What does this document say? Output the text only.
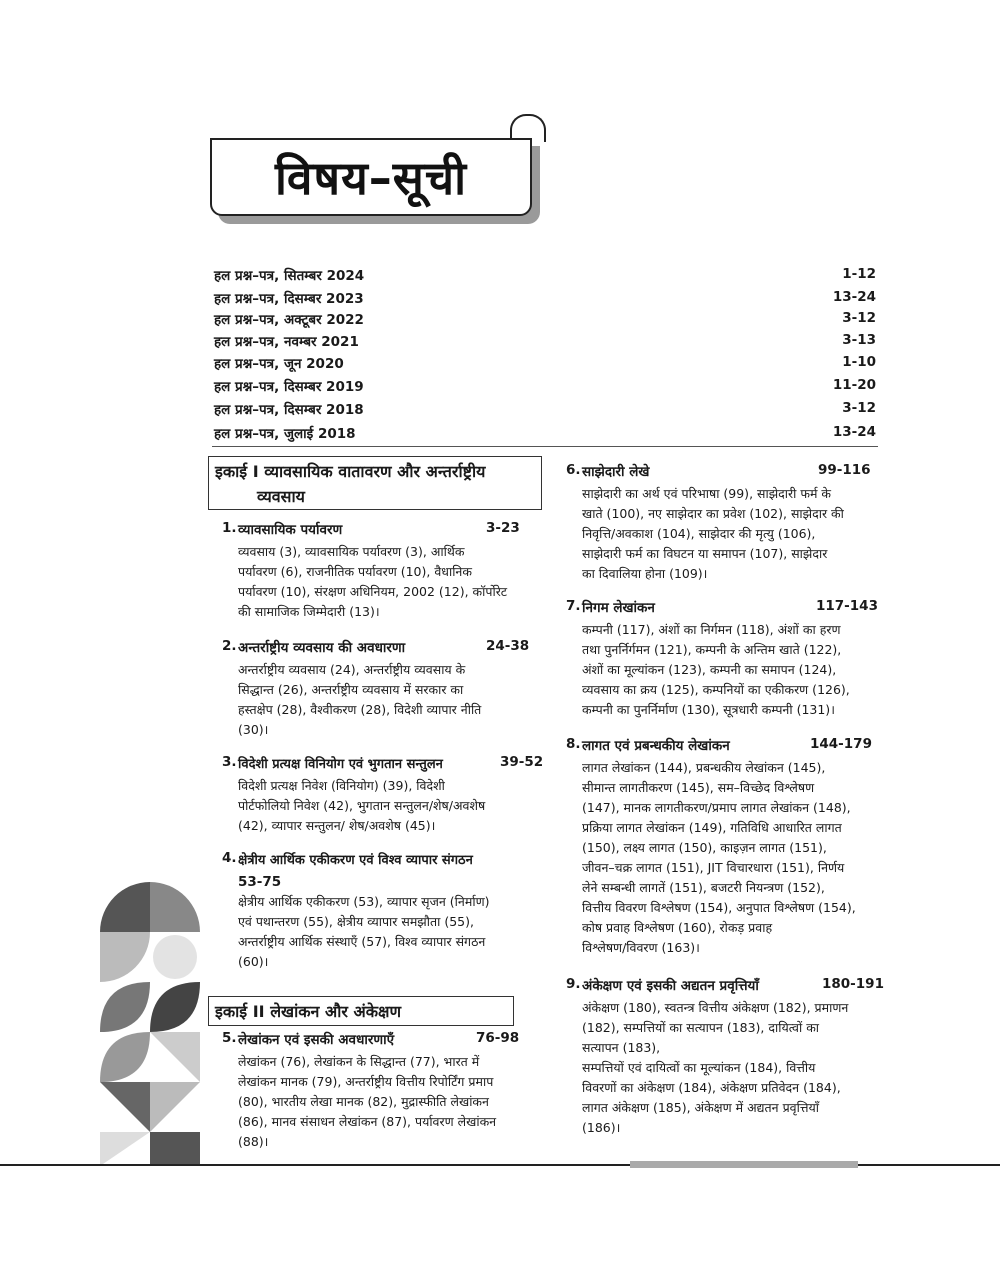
विषय–सूची
हल प्रश्न–पत्र, सितम्बर 2024	1-12
हल प्रश्न–पत्र, दिसम्बर 2023	13-24
हल प्रश्न–पत्र, अक्टूबर 2022	3-12
हल प्रश्न–पत्र, नवम्बर 2021	3-13
हल प्रश्न–पत्र, जून 2020	1-10
हल प्रश्न–पत्र, दिसम्बर 2019	11-20
हल प्रश्न–पत्र, दिसम्बर 2018	3-12
हल प्रश्न–पत्र, जुलाई 2018	13-24
इकाई I व्यावसायिक वातावरण और अन्तर्राष्ट्रीय
व्यवसाय
1. व्यावसायिक पर्यावरण	3-23
व्यवसाय (3), व्यावसायिक पर्यावरण (3), आर्थिक
पर्यावरण (6), राजनीतिक पर्यावरण (10), वैधानिक
पर्यावरण (10), संरक्षण अधिनियम, 2002 (12), कॉर्पोरेट
की सामाजिक जिम्मेदारी (13)।
2. अन्तर्राष्ट्रीय व्यवसाय की अवधारणा	24-38
अन्तर्राष्ट्रीय व्यवसाय (24), अन्तर्राष्ट्रीय व्यवसाय के
सिद्धान्त (26), अन्तर्राष्ट्रीय व्यवसाय में सरकार का
हस्तक्षेप (28), वैश्वीकरण (28), विदेशी व्यापार नीति
(30)।
3. विदेशी प्रत्यक्ष विनियोग एवं भुगतान सन्तुलन	39-52
विदेशी प्रत्यक्ष निवेश (विनियोग) (39), विदेशी
पोर्टफोलियो निवेश (42), भुगतान सन्तुलन/शेष/अवशेष
(42), व्यापार सन्तुलन/ शेष/अवशेष (45)।
4. क्षेत्रीय आर्थिक एकीकरण एवं विश्व व्यापार संगठन
53-75
क्षेत्रीय आर्थिक एकीकरण (53), व्यापार सृजन (निर्माण)
एवं पथान्तरण (55), क्षेत्रीय व्यापार समझौता (55),
अन्तर्राष्ट्रीय आर्थिक संस्थाएँ (57), विश्व व्यापार संगठन
(60)।
इकाई II लेखांकन और अंकेक्षण
5. लेखांकन एवं इसकी अवधारणाएँ	76-98
लेखांकन (76), लेखांकन के सिद्धान्त (77), भारत में
लेखांकन मानक (79), अन्तर्राष्ट्रीय वित्तीय रिपोर्टिंग प्रमाप
(80), भारतीय लेखा मानक (82), मुद्रास्फीति लेखांकन
(86), मानव संसाधन लेखांकन (87), पर्यावरण लेखांकन
(88)।
6. साझेदारी लेखे	99-116
साझेदारी का अर्थ एवं परिभाषा (99), साझेदारी फर्म के
खाते (100), नए साझेदार का प्रवेश (102), साझेदार की
निवृत्ति/अवकाश (104), साझेदार की मृत्यु (106),
साझेदारी फर्म का विघटन या समापन (107), साझेदार
का दिवालिया होना (109)।
7. निगम लेखांकन	117-143
कम्पनी (117), अंशों का निर्गमन (118), अंशों का हरण
तथा पुनर्निर्गमन (121), कम्पनी के अन्तिम खाते (122),
अंशों का मूल्यांकन (123), कम्पनी का समापन (124),
व्यवसाय का क्रय (125), कम्पनियों का एकीकरण (126),
कम्पनी का पुनर्निर्माण (130), सूत्रधारी कम्पनी (131)।
8. लागत एवं प्रबन्धकीय लेखांकन	144-179
लागत लेखांकन (144), प्रबन्धकीय लेखांकन (145),
सीमान्त लागतीकरण (145), सम–विच्छेद विश्लेषण
(147), मानक लागतीकरण/प्रमाप लागत लेखांकन (148),
प्रक्रिया लागत लेखांकन (149), गतिविधि आधारित लागत
(150), लक्ष्य लागत (150), काइज़न लागत (151),
जीवन–चक्र लागत (151), JIT विचारधारा (151), निर्णय
लेने सम्बन्धी लागतें (151), बजटरी नियन्त्रण (152),
वित्तीय विवरण विश्लेषण (154), अनुपात विश्लेषण (154),
कोष प्रवाह विश्लेषण (160), रोकड़ प्रवाह
विश्लेषण/विवरण (163)।
9. अंकेक्षण एवं इसकी अद्यतन प्रवृत्तियाँ	180-191
अंकेक्षण (180), स्वतन्त्र वित्तीय अंकेक्षण (182), प्रमाणन
(182), सम्पत्तियों का सत्यापन (183), दायित्वों का
सत्यापन (183),
सम्पत्तियों एवं दायित्वों का मूल्यांकन (184), वित्तीय
विवरणों का अंकेक्षण (184), अंकेक्षण प्रतिवेदन (184),
लागत अंकेक्षण (185), अंकेक्षण में अद्यतन प्रवृत्तियाँ
(186)।
